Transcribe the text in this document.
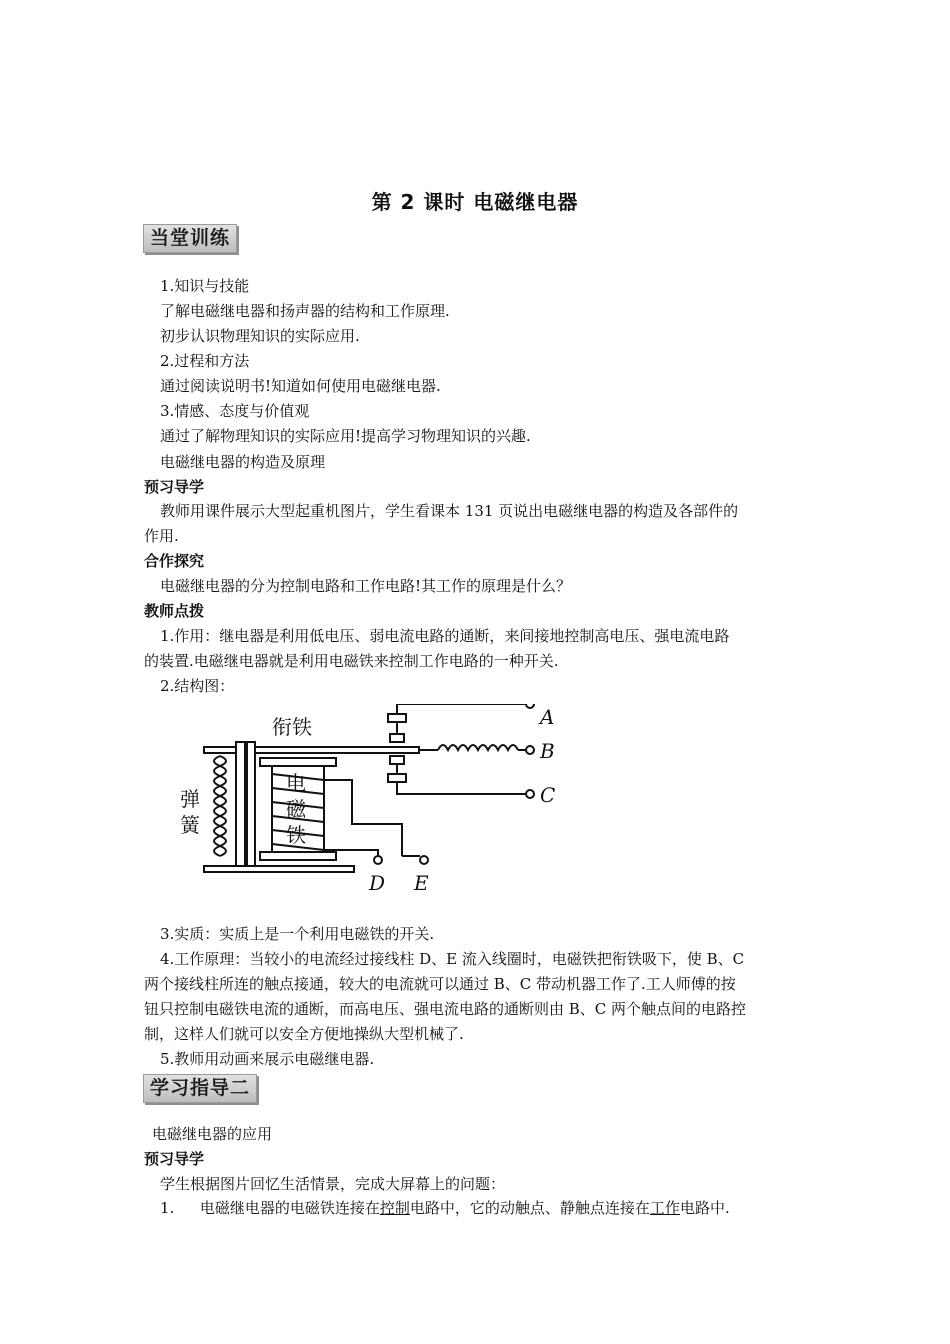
第 2 课时 电磁继电器
当堂训练
1.知识与技能
了解电磁继电器和扬声器的结构和工作原理.
初步认识物理知识的实际应用.
2.过程和方法
通过阅读说明书!知道如何使用电磁继电器.
3.情感、态度与价值观
通过了解物理知识的实际应用!提高学习物理知识的兴趣.
电磁继电器的构造及原理
预习导学
教师用课件展示大型起重机图片，学生看课本 131 页说出电磁继电器的构造及各部件的
作用.
合作探究
电磁继电器的分为控制电路和工作电路!其工作的原理是什么？
教师点拨
1.作用：继电器是利用低电压、弱电流电路的通断，来间接地控制高电压、强电流电路
的装置.电磁继电器就是利用电磁铁来控制工作电路的一种开关.
2.结构图：
衔铁
弹
簧
电
磁
铁
A
B
C
D E
3.实质：实质上是一个利用电磁铁的开关.
4.工作原理：当较小的电流经过接线柱 D、E 流入线圈时，电磁铁把衔铁吸下，使 B、C
两个接线柱所连的触点接通，较大的电流就可以通过 B、C 带动机器工作了.工人师傅的按
钮只控制电磁铁电流的通断，而高电压、强电流电路的通断则由 B、C 两个触点间的电路控
制，这样人们就可以安全方便地操纵大型机械了.
5.教师用动画来展示电磁继电器.
学习指导二
电磁继电器的应用
预习导学
学生根据图片回忆生活情景，完成大屏幕上的问题：
1. 电磁继电器的电磁铁连接在控制电路中，它的动触点、静触点连接在工作电路中.
